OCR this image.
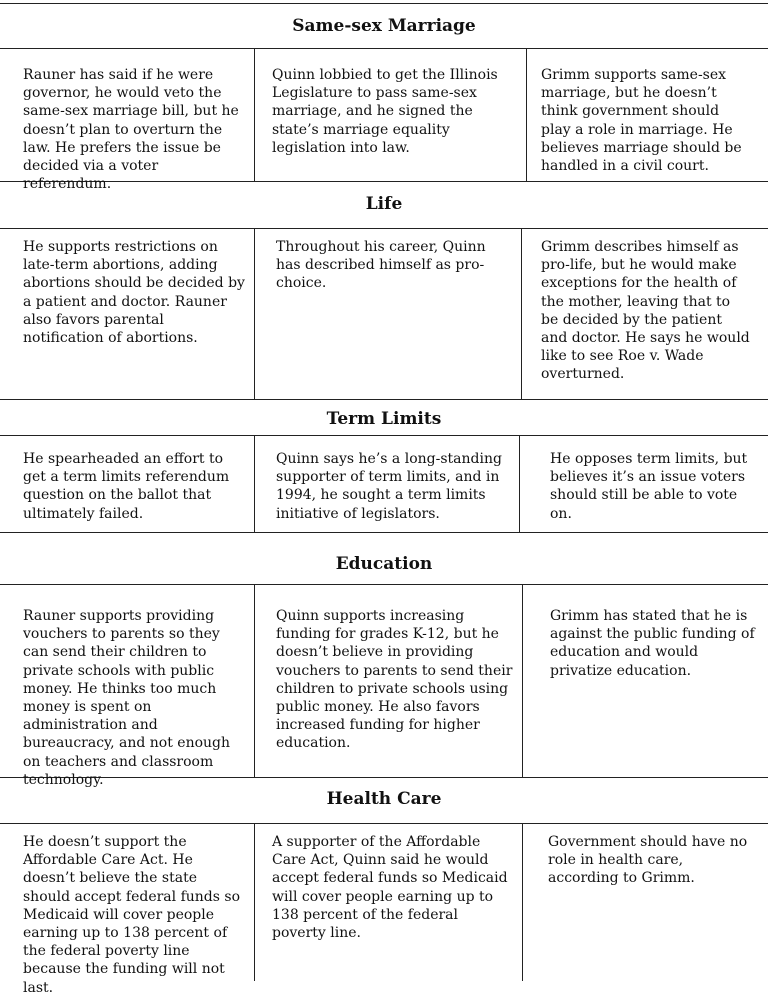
Same-sex Marriage

Rauner has said if he were governor, he would veto the same-sex marriage bill, but he doesn’t plan to overturn the law. He prefers the issue be decided via a voter referendum.

Quinn lobbied to get the Illinois Legislature to pass same-sex marriage, and he signed the state’s marriage equality legislation into law.

Grimm supports same-sex marriage, but he doesn’t think government should play a role in marriage. He believes marriage should be handled in a civil court.

Life

He supports restrictions on late-term abortions, adding abortions should be decided by a patient and doctor. Rauner also favors parental notification of abortions.

Throughout his career, Quinn has described himself as pro-choice.

Grimm describes himself as pro-life, but he would make exceptions for the health of the mother, leaving that to be decided by the patient and doctor. He says he would like to see Roe v. Wade overturned.

Term Limits

He spearheaded an effort to get a term limits referendum question on the ballot that ultimately failed.

Quinn says he’s a long-standing supporter of term limits, and in 1994, he sought a term limits initiative of legislators.

He opposes term limits, but believes it’s an issue voters should still be able to vote on.

Education

Rauner supports providing vouchers to parents so they can send their children to private schools with public money. He thinks too much money is spent on administration and bureaucracy, and not enough on teachers and classroom technology.

Quinn supports increasing funding for grades K-12, but he doesn’t believe in providing vouchers to parents to send their children to private schools using public money. He also favors increased funding for higher education.

Grimm has stated that he is against the public funding of education and would privatize education.

Health Care

He doesn’t support the Affordable Care Act. He doesn’t believe the state should accept federal funds so Medicaid will cover people earning up to 138 percent of the federal poverty line because the funding will not last.

A supporter of the Affordable Care Act, Quinn said he would accept federal funds so Medicaid will cover people earning up to 138 percent of the federal poverty line.

Government should have no role in health care, according to Grimm.
